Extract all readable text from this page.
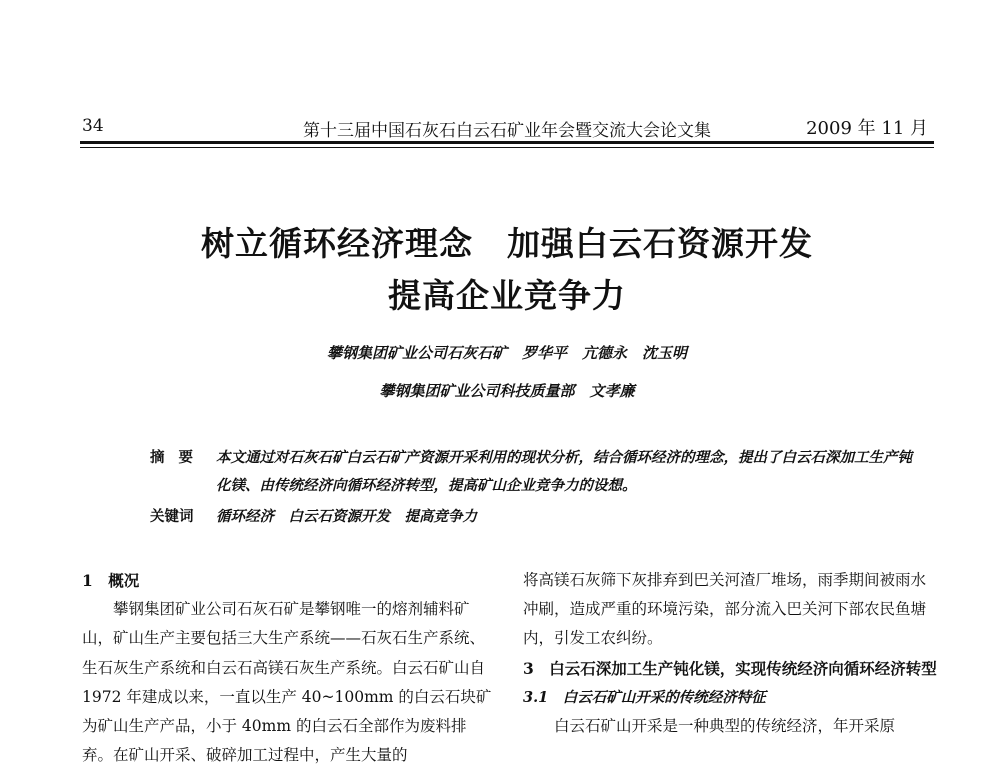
34	第十三届中国石灰石白云石矿业年会暨交流大会论文集	2009 年 11 月
树立循环经济理念　加强白云石资源开发
提高企业竞争力
攀钢集团矿业公司石灰石矿　罗华平　亢德永　沈玉明
攀钢集团矿业公司科技质量部　文孝廉
摘要 本文通过对石灰石矿白云石矿产资源开采利用的现状分析，结合循环经济的理念，提出了白云石深加工生产钝化镁、由传统经济向循环经济转型，提高矿山企业竞争力的设想。
关键词 循环经济　白云石资源开发　提高竞争力

1　概况

攀钢集团矿业公司石灰石矿是攀钢唯一的熔剂辅料矿山，矿山生产主要包括三大生产系统——石灰石生产系统、生石灰生产系统和白云石高镁石灰生产系统。白云石矿山自 1972 年建成以来，一直以生产 40~100mm 的白云石块矿为矿山生产产品，小于 40mm 的白云石全部作为废料排弃。在矿山开采、破碎加工过程中，产生大量的

将高镁石灰筛下灰排弃到巴关河渣厂堆场，雨季期间被雨水冲刷，造成严重的环境污染，部分流入巴关河下部农民鱼塘内，引发工农纠纷。

3　白云石深加工生产钝化镁，实现传统经济向循环经济转型

3.1　白云石矿山开采的传统经济特征

白云石矿山开采是一种典型的传统经济，年开采原
